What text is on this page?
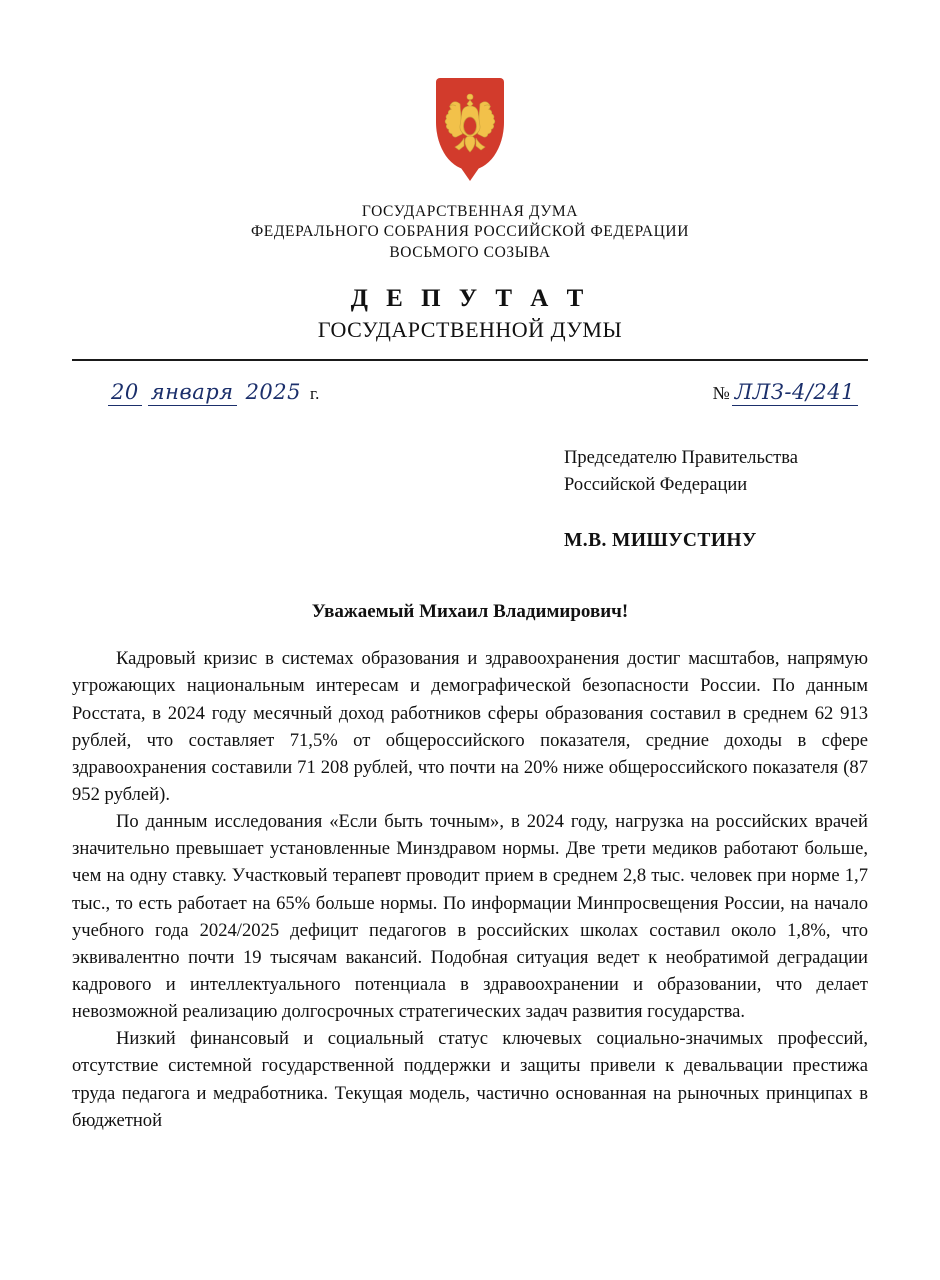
ГОСУДАРСТВЕННАЯ ДУМА
ФЕДЕРАЛЬНОГО СОБРАНИЯ РОССИЙСКОЙ ФЕДЕРАЦИИ
ВОСЬМОГО СОЗЫВА
Д Е П У Т А Т
ГОСУДАРСТВЕННОЙ ДУМЫ
20 января 2025 г.	№ ЛЛЗ-4/241
Председателю Правительства
Российской Федерации
М.В. МИШУСТИНУ
Уважаемый Михаил Владимирович!

Кадровый кризис в системах образования и здравоохранения достиг масштабов, напрямую угрожающих национальным интересам и демографической безопасности России. По данным Росстата, в 2024 году месячный доход работников сферы образования составил в среднем 62 913 рублей, что составляет 71,5% от общероссийского показателя, средние доходы в сфере здравоохранения составили 71 208 рублей, что почти на 20% ниже общероссийского показателя (87 952 рублей).

По данным исследования «Если быть точным», в 2024 году, нагрузка на российских врачей значительно превышает установленные Минздравом нормы. Две трети медиков работают больше, чем на одну ставку. Участковый терапевт проводит прием в среднем 2,8 тыс. человек при норме 1,7 тыс., то есть работает на 65% больше нормы. По информации Минпросвещения России, на начало учебного года 2024/2025 дефицит педагогов в российских школах составил около 1,8%, что эквивалентно почти 19 тысячам вакансий. Подобная ситуация ведет к необратимой деградации кадрового и интеллектуального потенциала в здравоохранении и образовании, что делает невозможной реализацию долгосрочных стратегических задач развития государства.

Низкий финансовый и социальный статус ключевых социально-значимых профессий, отсутствие системной государственной поддержки и защиты привели к девальвации престижа труда педагога и медработника. Текущая модель, частично основанная на рыночных принципах в бюджетной
